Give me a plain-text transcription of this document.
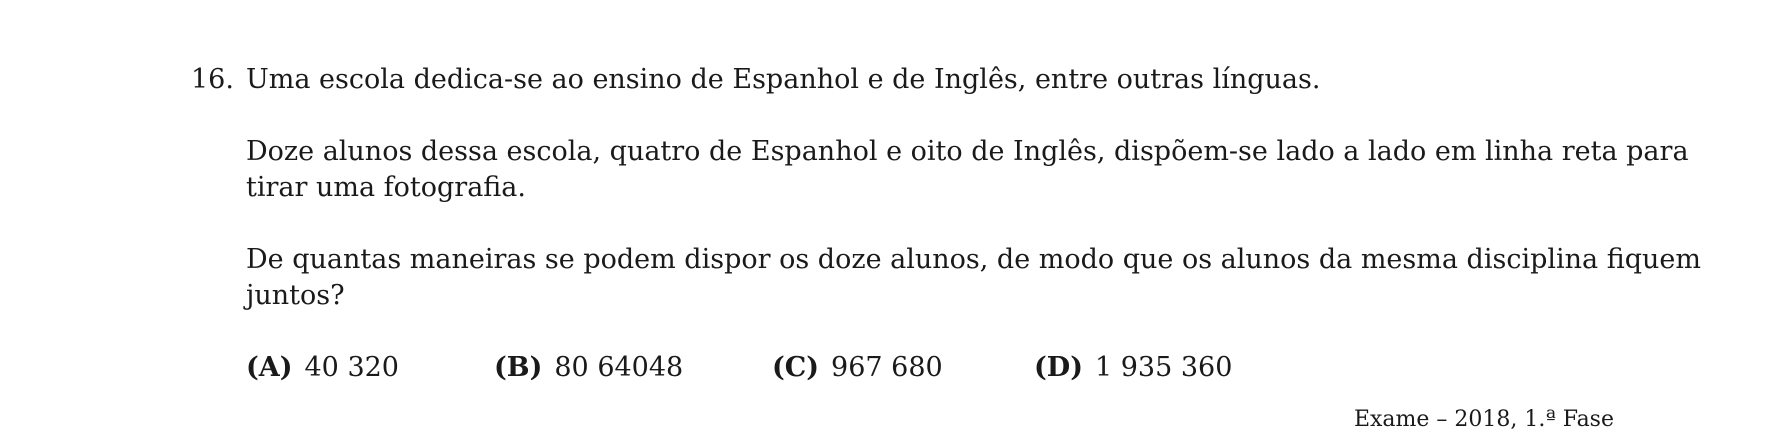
16. Uma escola dedica-se ao ensino de Espanhol e de Inglês, entre outras línguas.
Doze alunos dessa escola, quatro de Espanhol e oito de Inglês, dispõem-se lado a lado em linha reta para
tirar uma fotografia.
De quantas maneiras se podem dispor os doze alunos, de modo que os alunos da mesma disciplina fiquem
juntos?
(A) 40 320	(B) 80 64048	(C) 967 680	(D) 1 935 360
Exame – 2018, 1.ª Fase
